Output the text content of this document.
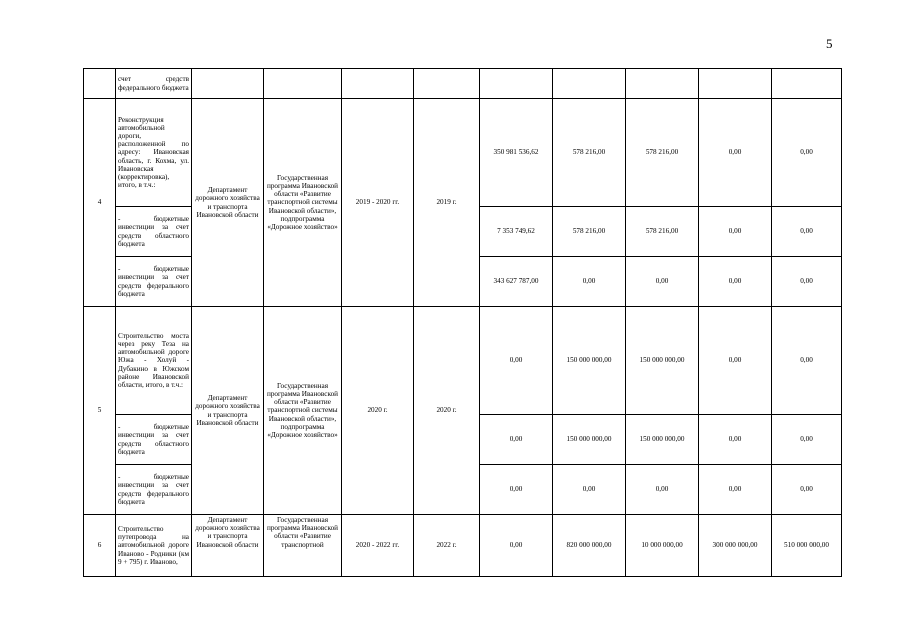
5
	счет средств федерального бюджета									
4	Реконструкция автомобильной дороги, расположенной по адресу: Ивановская область, г. Кохма, ул. Ивановская (корректировка), итого, в т.ч.:	Департамент дорожного хозяйства и транспорта Ивановской области	Государственная программа Ивановской области «Развитие транспортной системы Ивановской области», подпрограмма «Дорожное хозяйство»	2019 - 2020 гг.	2019 г.	350 981 536,62	578 216,00	578 216,00	0,00	0,00
	- бюджетные инвестиции за счет средств областного бюджета					7 353 749,62	578 216,00	578 216,00	0,00	0,00
	- бюджетные инвестиции за счет средств федерального бюджета					343 627 787,00	0,00	0,00	0,00	0,00
5	Строительство моста через реку Теза на автомобильной дороге Южа - Холуй - Дубакино в Южском районе Ивановской области, итого, в т.ч.:	Департамент дорожного хозяйства и транспорта Ивановской области	Государственная программа Ивановской области «Развитие транспортной системы Ивановской области», подпрограмма «Дорожное хозяйство»	2020 г.	2020 г.	0,00	150 000 000,00	150 000 000,00	0,00	0,00
	- бюджетные инвестиции за счет средств областного бюджета					0,00	150 000 000,00	150 000 000,00	0,00	0,00
	- бюджетные инвестиции за счет средств федерального бюджета					0,00	0,00	0,00	0,00	0,00
6	Строительство путепровода на автомобильной дороге Иваново - Родники (км 9 + 795) г. Иваново,	Департамент дорожного хозяйства и транспорта Ивановской области	Государственная программа Ивановской области «Развитие транспортной	2020 - 2022 гг.	2022 г.	0,00	820 000 000,00	10 000 000,00	300 000 000,00	510 000 000,00
